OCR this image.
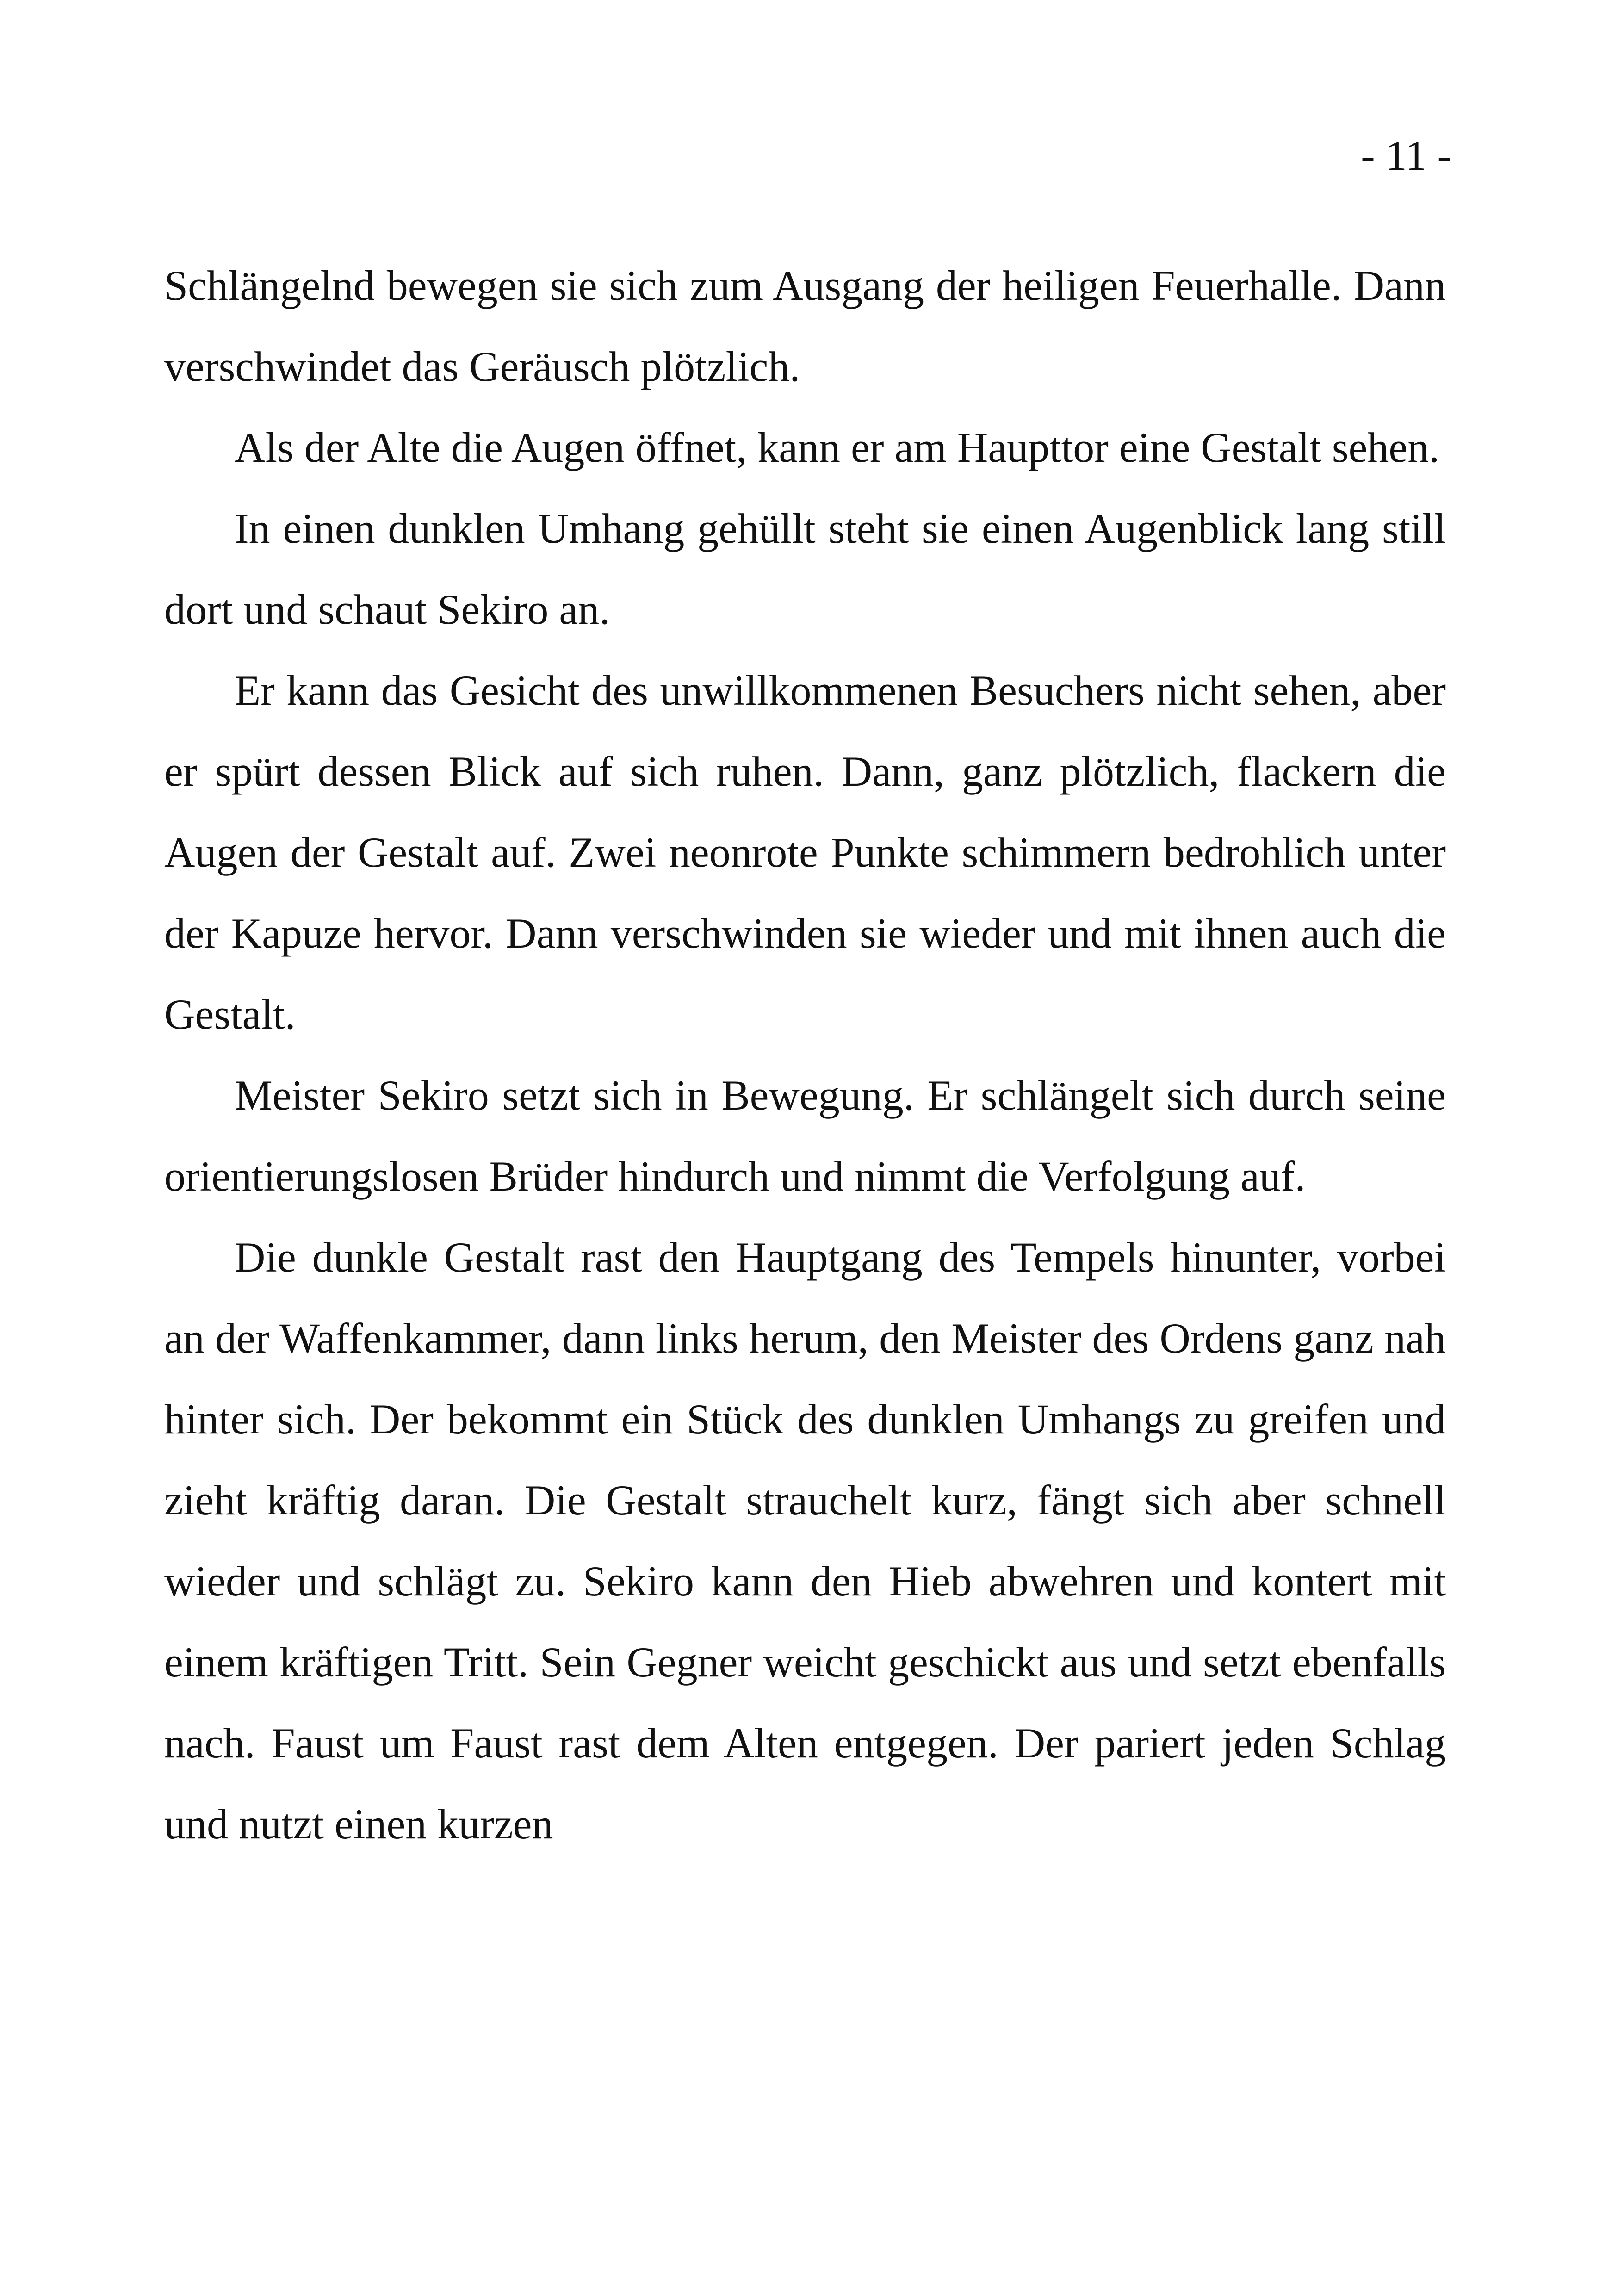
- 11 -

Schlängelnd bewegen sie sich zum Ausgang der heiligen Feuerhalle. Dann verschwindet das Geräusch plötzlich.

Als der Alte die Augen öffnet, kann er am Haupttor eine Gestalt sehen.

In einen dunklen Umhang gehüllt steht sie einen Augenblick lang still dort und schaut Sekiro an.

Er kann das Gesicht des unwillkommenen Besuchers nicht sehen, aber er spürt dessen Blick auf sich ruhen. Dann, ganz plötzlich, flackern die Augen der Gestalt auf. Zwei neonrote Punkte schimmern bedrohlich unter der Kapuze hervor. Dann verschwinden sie wieder und mit ihnen auch die Gestalt.

Meister Sekiro setzt sich in Bewegung. Er schlängelt sich durch seine orientierungslosen Brüder hindurch und nimmt die Verfolgung auf.

Die dunkle Gestalt rast den Hauptgang des Tempels hinunter, vorbei an der Waffenkammer, dann links herum, den Meister des Ordens ganz nah hinter sich. Der bekommt ein Stück des dunklen Umhangs zu greifen und zieht kräftig daran. Die Gestalt strauchelt kurz, fängt sich aber schnell wieder und schlägt zu. Sekiro kann den Hieb abwehren und kontert mit einem kräftigen Tritt. Sein Gegner weicht geschickt aus und setzt ebenfalls nach. Faust um Faust rast dem Alten entgegen. Der pariert jeden Schlag und nutzt einen kurzen
